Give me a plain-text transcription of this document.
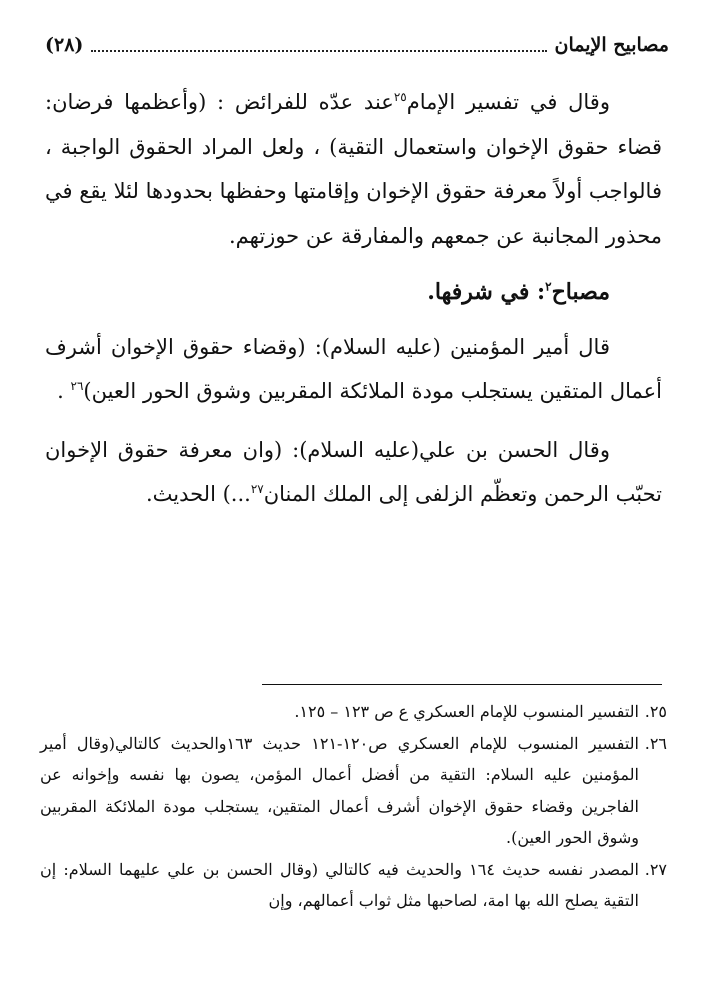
مصابيح الإيمان
(٢٨)

وقال في تفسير الإمام$^{٢٥}$عند عدّه للفرائض : (وأعظمها فرضان: قضاء حقوق الإخوان واستعمال التقية) ، ولعل المراد الحقوق الواجبة ، فالواجب أولاً معرفة حقوق الإخوان وإقامتها وحفظها بحدودها لئلا يقع في محذور المجانبة عن جمعهم والمفارقة عن حوزتهم.

مصباح$^٢$: في شرفها.

قال أمير المؤمنين (عليه السلام): (وقضاء حقوق الإخوان أشرف أعمال المتقين يستجلب مودة الملائكة المقربين وشوق الحور العين)$^{٢٦}$ .

وقال الحسن بن علي(عليه السلام): (وان معرفة حقوق الإخوان تحبّب الرحمن وتعظّم الزلفى إلى الملك المنان$^{٢٧}$...) الحديث.

٢٥.
التفسير المنسوب للإمام العسكري ع ص ١٢٣ – ١٢٥.

٢٦.
التفسير المنسوب للإمام العسكري ص١٢٠-١٢١ حديث ١٦٣والحديث كالتالي(وقال أمير المؤمنين عليه السلام: التقية من أفضل أعمال المؤمن، يصون بها نفسه وإخوانه عن الفاجرين وقضاء حقوق الإخوان أشرف أعمال المتقين، يستجلب مودة الملائكة المقربين وشوق الحور العين).

٢٧.
المصدر نفسه حديث ١٦٤ والحديث فيه كالتالي (وقال الحسن بن علي عليهما السلام: إن التقية يصلح الله بها امة، لصاحبها مثل ثواب أعمالهم، وإن
